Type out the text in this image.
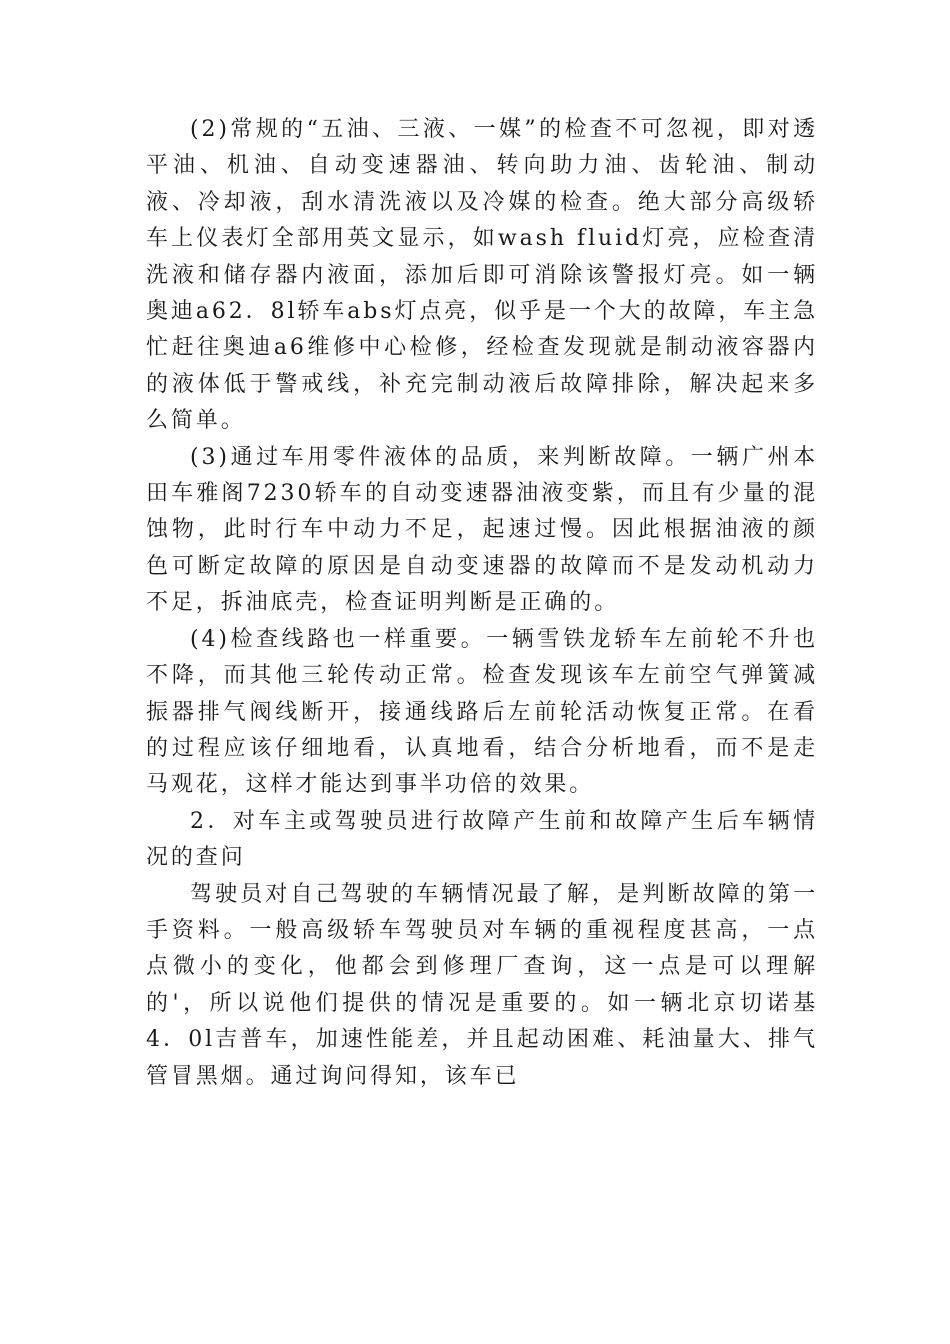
(2)常规的“五油、三液、一媒”的检查不可忽视，即对透平油、机油、自动变速器油、转向助力油、齿轮油、制动液、冷却液，刮水清洗液以及冷媒的检查。绝大部分高级轿车上仪表灯全部用英文显示，如wash fluid灯亮，应检查清洗液和储存器内液面，添加后即可消除该警报灯亮。如一辆奥迪a62．8l轿车abs灯点亮，似乎是一个大的故障，车主急忙赶往奥迪a6维修中心检修，经检查发现就是制动液容器内的液体低于警戒线，补充完制动液后故障排除，解决起来多么简单。

(3)通过车用零件液体的品质，来判断故障。一辆广州本田车雅阁7230轿车的自动变速器油液变紫，而且有少量的混蚀物，此时行车中动力不足，起速过慢。因此根据油液的颜色可断定故障的原因是自动变速器的故障而不是发动机动力不足，拆油底壳，检查证明判断是正确的。

(4)检查线路也一样重要。一辆雪铁龙轿车左前轮不升也不降，而其他三轮传动正常。检查发现该车左前空气弹簧减振器排气阀线断开，接通线路后左前轮活动恢复正常。在看的过程应该仔细地看，认真地看，结合分析地看，而不是走马观花，这样才能达到事半功倍的效果。

2．对车主或驾驶员进行故障产生前和故障产生后车辆情况的查问

驾驶员对自己驾驶的车辆情况最了解，是判断故障的第一手资料。一般高级轿车驾驶员对车辆的重视程度甚高，一点点微小的变化，他都会到修理厂查询，这一点是可以理解的'，所以说他们提供的情况是重要的。如一辆北京切诺基4．0l吉普车，加速性能差，并且起动困难、耗油量大、排气管冒黑烟。通过询问得知，该车已
